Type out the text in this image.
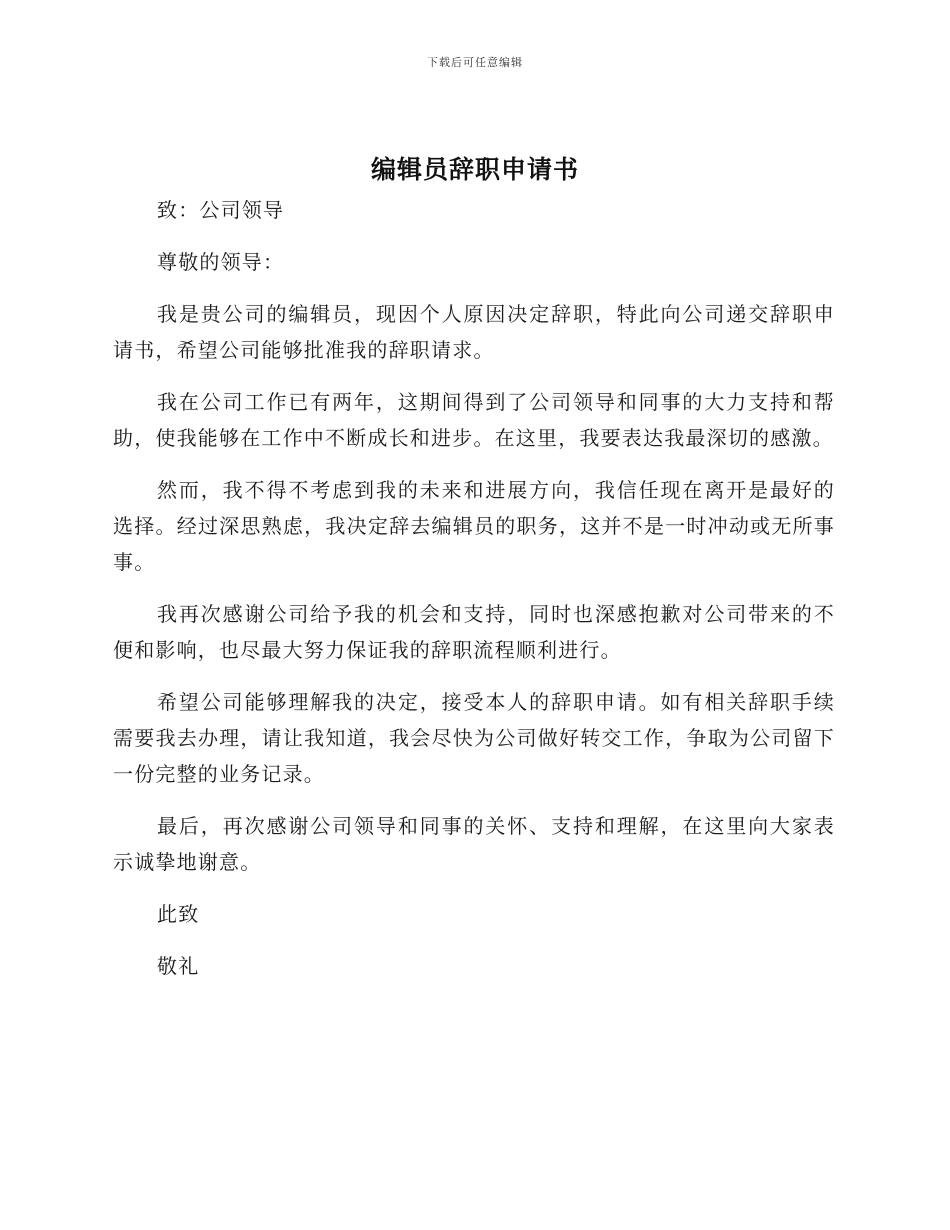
下载后可任意编辑
编辑员辞职申请书

致：公司领导

尊敬的领导：

我是贵公司的编辑员，现因个人原因决定辞职，特此向公司递交辞职申请书，希望公司能够批准我的辞职请求。

我在公司工作已有两年，这期间得到了公司领导和同事的大力支持和帮助，使我能够在工作中不断成长和进步。在这里，我要表达我最深切的感激。

然而，我不得不考虑到我的未来和进展方向，我信任现在离开是最好的选择。经过深思熟虑，我决定辞去编辑员的职务，这并不是一时冲动或无所事事。

我再次感谢公司给予我的机会和支持，同时也深感抱歉对公司带来的不便和影响，也尽最大努力保证我的辞职流程顺利进行。

希望公司能够理解我的决定，接受本人的辞职申请。如有相关辞职手续需要我去办理，请让我知道，我会尽快为公司做好转交工作，争取为公司留下一份完整的业务记录。

最后，再次感谢公司领导和同事的关怀、支持和理解，在这里向大家表示诚挚地谢意。

此致

敬礼
